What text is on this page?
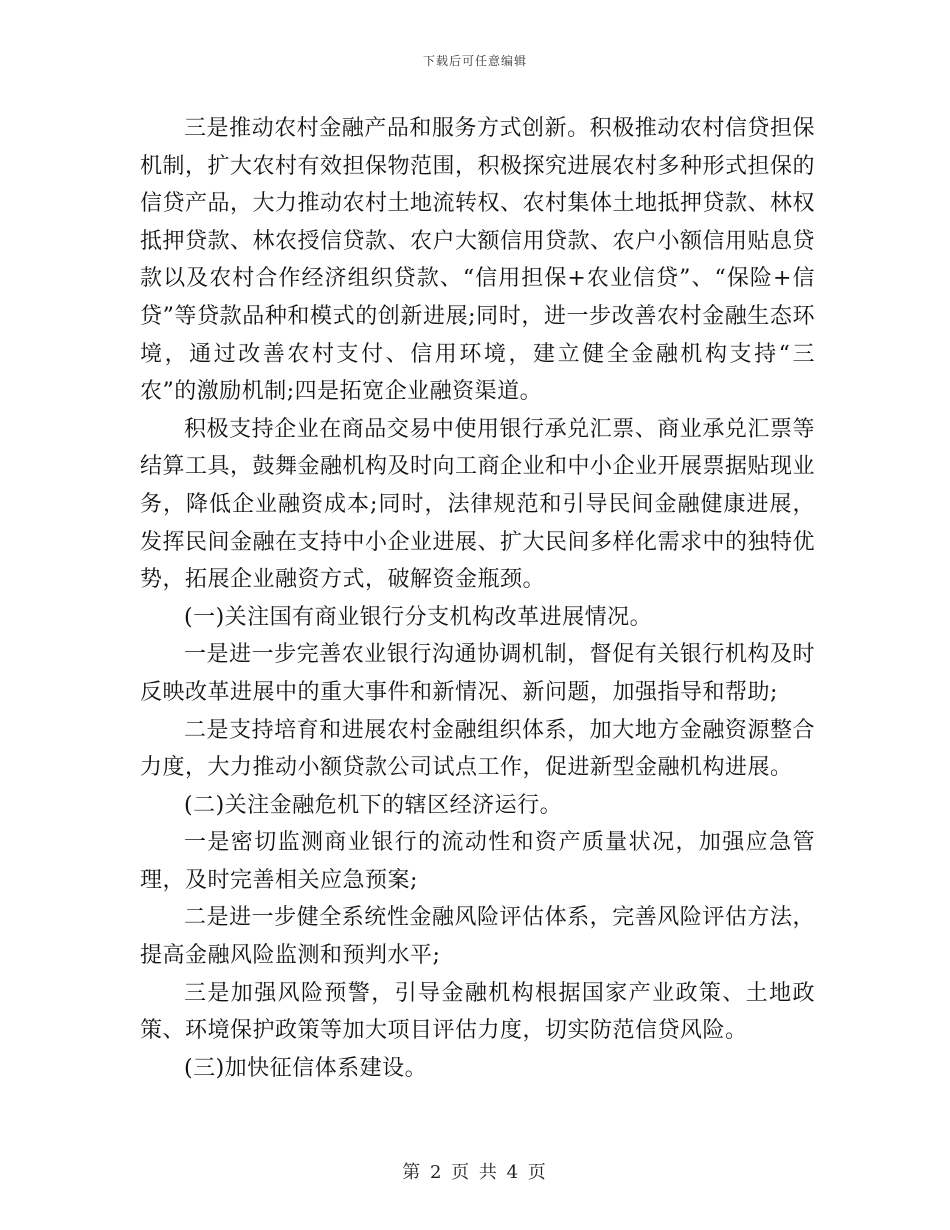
下载后可任意编辑

三是推动农村金融产品和服务方式创新。积极推动农村信贷担保机制，扩大农村有效担保物范围，积极探究进展农村多种形式担保的信贷产品，大力推动农村土地流转权、农村集体土地抵押贷款、林权抵押贷款、林农授信贷款、农户大额信用贷款、农户小额信用贴息贷款以及农村合作经济组织贷款、“信用担保+农业信贷”、“保险+信贷”等贷款品种和模式的创新进展;同时，进一步改善农村金融生态环境，通过改善农村支付、信用环境，建立健全金融机构支持“三农”的激励机制;四是拓宽企业融资渠道。

积极支持企业在商品交易中使用银行承兑汇票、商业承兑汇票等结算工具，鼓舞金融机构及时向工商企业和中小企业开展票据贴现业务，降低企业融资成本;同时，法律规范和引导民间金融健康进展，发挥民间金融在支持中小企业进展、扩大民间多样化需求中的独特优势，拓展企业融资方式，破解资金瓶颈。

(一)关注国有商业银行分支机构改革进展情况。

一是进一步完善农业银行沟通协调机制，督促有关银行机构及时反映改革进展中的重大事件和新情况、新问题，加强指导和帮助;

二是支持培育和进展农村金融组织体系，加大地方金融资源整合力度，大力推动小额贷款公司试点工作，促进新型金融机构进展。

(二)关注金融危机下的辖区经济运行。

一是密切监测商业银行的流动性和资产质量状况，加强应急管理，及时完善相关应急预案;

二是进一步健全系统性金融风险评估体系，完善风险评估方法，提高金融风险监测和预判水平;

三是加强风险预警，引导金融机构根据国家产业政策、土地政策、环境保护政策等加大项目评估力度，切实防范信贷风险。

(三)加快征信体系建设。

第 2 页 共 4 页
